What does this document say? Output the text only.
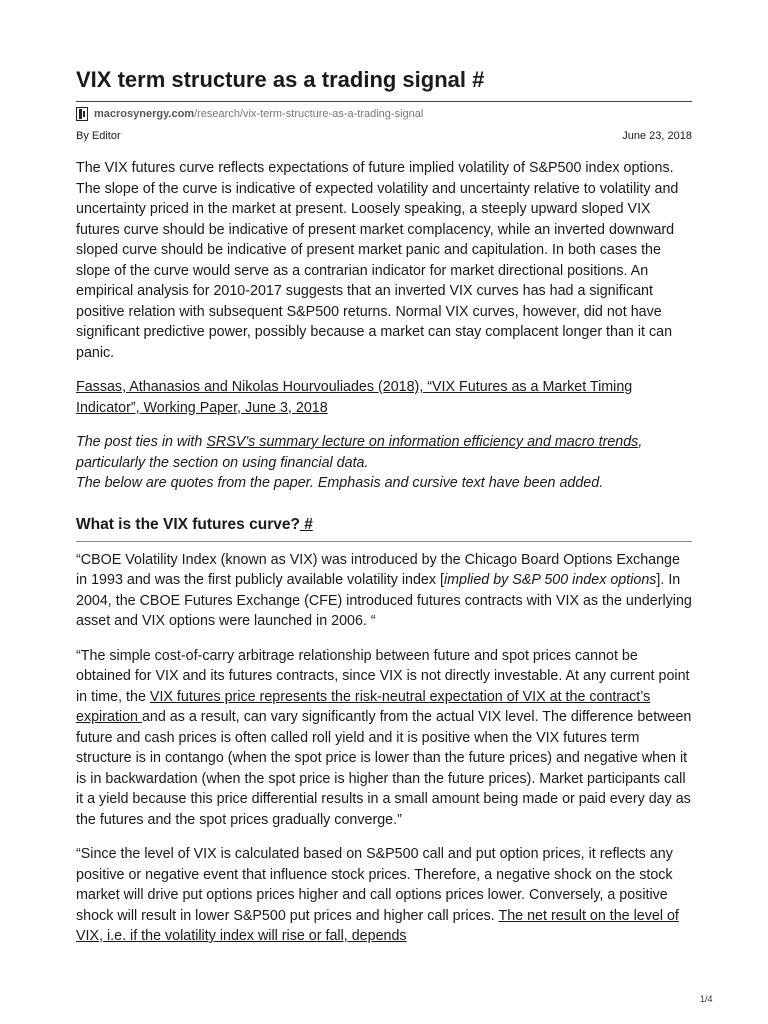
VIX term structure as a trading signal #
macrosynergy.com /research/vix-term-structure-as-a-trading-signal
By Editor	June 23, 2018

The VIX futures curve reflects expectations of future implied volatility of S&P500 index options. The slope of the curve is indicative of expected volatility and uncertainty relative to volatility and uncertainty priced in the market at present. Loosely speaking, a steeply upward sloped VIX futures curve should be indicative of present market complacency, while an inverted downward sloped curve should be indicative of present market panic and capitulation. In both cases the slope of the curve would serve as a contrarian indicator for market directional positions. An empirical analysis for 2010-2017 suggests that an inverted VIX curves has had a significant positive relation with subsequent S&P500 returns. Normal VIX curves, however, did not have significant predictive power, possibly because a market can stay complacent longer than it can panic.

Fassas, Athanasios and Nikolas Hourvouliades (2018), “VIX Futures as a Market Timing Indicator”, Working Paper, June 3, 2018

The post ties in with SRSV’s summary lecture on information efficiency and macro trends, particularly the section on using financial data.
The below are quotes from the paper. Emphasis and cursive text have been added.

What is the VIX futures curve? #

“CBOE Volatility Index (known as VIX) was introduced by the Chicago Board Options Exchange in 1993 and was the first publicly available volatility index [implied by S&P 500 index options]. In 2004, the CBOE Futures Exchange (CFE) introduced futures contracts with VIX as the underlying asset and VIX options were launched in 2006. “

“The simple cost-of-carry arbitrage relationship between future and spot prices cannot be obtained for VIX and its futures contracts, since VIX is not directly investable. At any current point in time, the VIX futures price represents the risk-neutral expectation of VIX at the contract’s expiration and as a result, can vary significantly from the actual VIX level. The difference between future and cash prices is often called roll yield and it is positive when the VIX futures term structure is in contango (when the spot price is lower than the future prices) and negative when it is in backwardation (when the spot price is higher than the future prices). Market participants call it a yield because this price differential results in a small amount being made or paid every day as the futures and the spot prices gradually converge.”

“Since the level of VIX is calculated based on S&P500 call and put option prices, it reflects any positive or negative event that influence stock prices. Therefore, a negative shock on the stock market will drive put options prices higher and call options prices lower. Conversely, a positive shock will result in lower S&P500 put prices and higher call prices. The net result on the level of VIX, i.e. if the volatility index will rise or fall, depends

1/4
